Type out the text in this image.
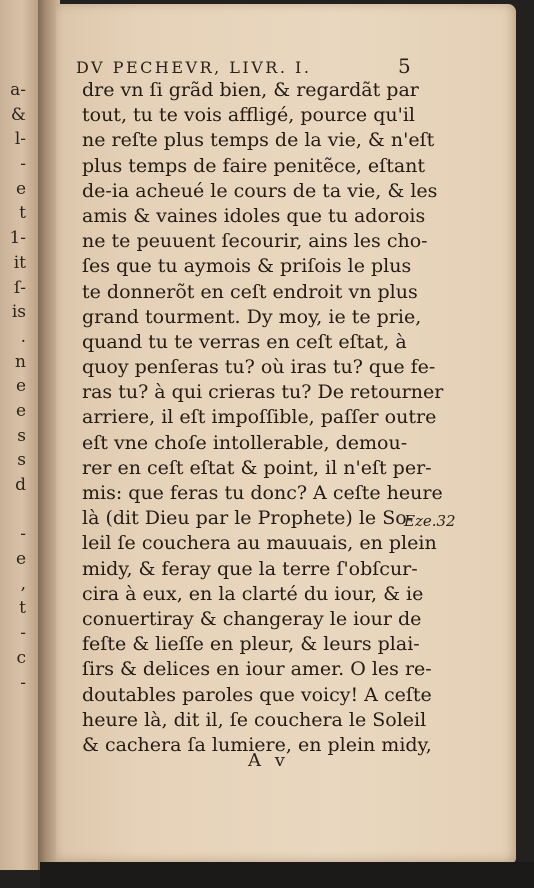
a-
&
l-
-
e
t
1-
it
ſ-
is
.
n
e
e
s
s
d
-
e
,
t
-
c
-
DV PECHEVR, LIVR. I.	5
dre vn ſi grãd bien, & regardãt par
tout, tu te vois affligé, pource qu'il
ne reſte plus temps de la vie, & n'eſt
plus temps de faire penitẽce, eſtant
de-ia acheué le cours de ta vie, & les
amis & vaines idoles que tu adorois
ne te peuuent ſecourir, ains les cho-
ſes que tu aymois & priſois le plus
te donnerõt en ceſt endroit vn plus
grand tourment. Dy moy, ie te prie,
quand tu te verras en ceſt eſtat, à
quoy penſeras tu? où iras tu? que fe-
ras tu? à qui crieras tu? De retourner
arriere, il eſt impoſſible, paſſer outre
eſt vne choſe intollerable, demou-
rer en ceſt eſtat & point, il n'eſt per-
mis: que feras tu donc? A ceſte heure
là (dit Dieu par le Prophete) le So-
leil ſe couchera au mauuais, en plein
midy, & feray que la terre ſ'obſcur-
cira à eux, en la clarté du iour, & ie
conuertiray & changeray le iour de
feſte & lieſſe en pleur, & leurs plai-
ſirs & delices en iour amer. O les re-
doutables paroles que voicy! A ceſte
heure là, dit il, ſe couchera le Soleil
& cachera ſa lumiere, en plein midy,
Eze.32
A v
